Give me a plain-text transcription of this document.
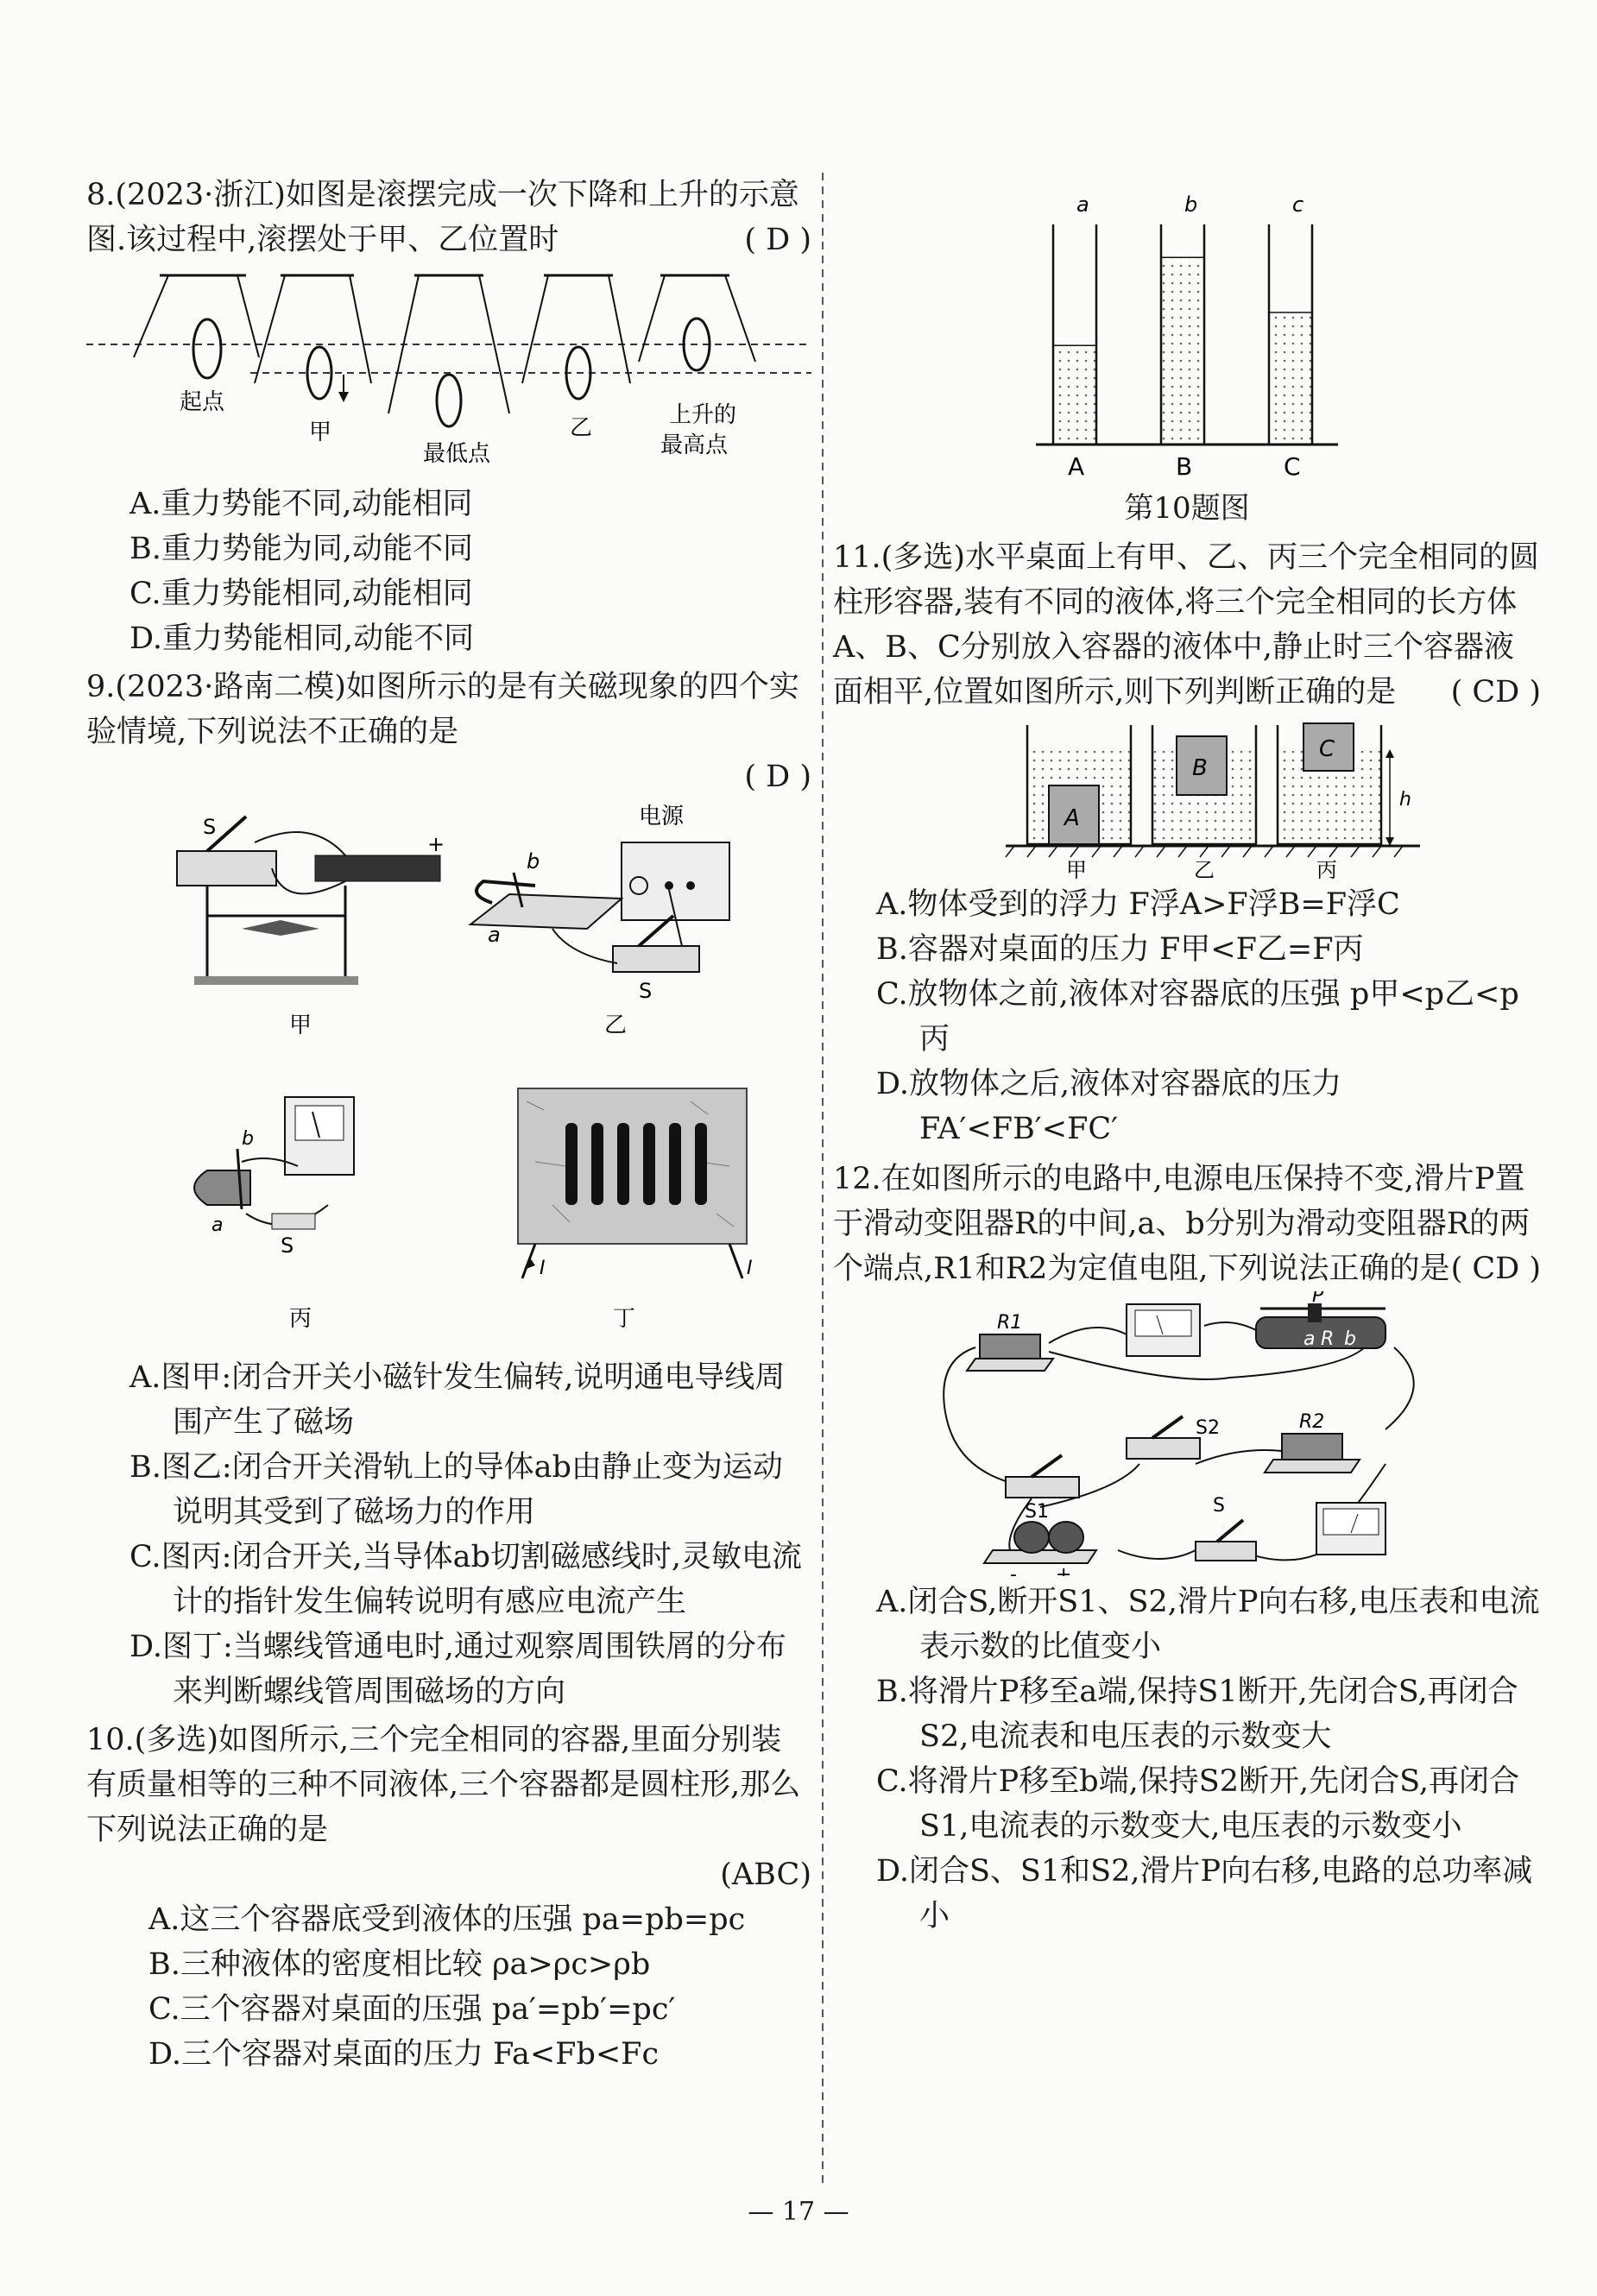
8.(2023·浙江)如图是滚摆完成一次下降和上升的示意图.该过程中,滚摆处于甲、乙位置时	( D )
起点
甲
最低点
乙	上升的
最高点
A.重力势能不同,动能相同
B.重力势能为同,动能不同
C.重力势能相同,动能相同
D.重力势能相同,动能不同

9.(2023·路南二模)如图所示的是有关磁现象的四个实验情境,下列说法不正确的是

( D )
S
+
甲
电源
b
a
S
乙
b
a
S
丙
I	I
丁
A.图甲:闭合开关小磁针发生偏转,说明通电导线周围产生了磁场
B.图乙:闭合开关滑轨上的导体ab由静止变为运动说明其受到了磁场力的作用
C.图丙:闭合开关,当导体ab切割磁感线时,灵敏电流计的指针发生偏转说明有感应电流产生
D.图丁:当螺线管通电时,通过观察周围铁屑的分布来判断螺线管周围磁场的方向

10.(多选)如图所示,三个完全相同的容器,里面分别装有质量相等的三种不同液体,三个容器都是圆柱形,那么下列说法正确的是

(ABC)
A.这三个容器底受到液体的压强 pa=pb=pc
B.三种液体的密度相比较 ρa>ρc>ρb
C.三个容器对桌面的压强 pa′=pb′=pc′
D.三个容器对桌面的压力 Fa<Fb<Fc
a	b	c
A	B	C
第10题图

11.(多选)水平桌面上有甲、乙、丙三个完全相同的圆柱形容器,装有不同的液体,将三个完全相同的长方体A、B、C分别放入容器的液体中,静止时三个容器液面相平,位置如图所示,则下列判断正确的是	( CD )
A
B
C
h
甲	乙	丙
A.物体受到的浮力 F浮A>F浮B=F浮C
B.容器对桌面的压力 F甲<F乙=F丙
C.放物体之前,液体对容器底的压强 p甲<p乙<p丙
D.放物体之后,液体对容器底的压力 FA′<FB′<FC′

12.在如图所示的电路中,电源电压保持不变,滑片P置于滑动变阻器R的中间,a、b分别为滑动变阻器R的两个端点,R1和R2为定值电阻,下列说法正确的是 ( CD )
P
a R b
R1
R2
S2
S1	S
- +
A.闭合S,断开S1、S2,滑片P向右移,电压表和电流表示数的比值变小
B.将滑片P移至a端,保持S1断开,先闭合S,再闭合S2,电流表和电压表的示数变大
C.将滑片P移至b端,保持S2断开,先闭合S,再闭合S1,电流表的示数变大,电压表的示数变小
D.闭合S、S1和S2,滑片P向右移,电路的总功率减小
— 17 —
